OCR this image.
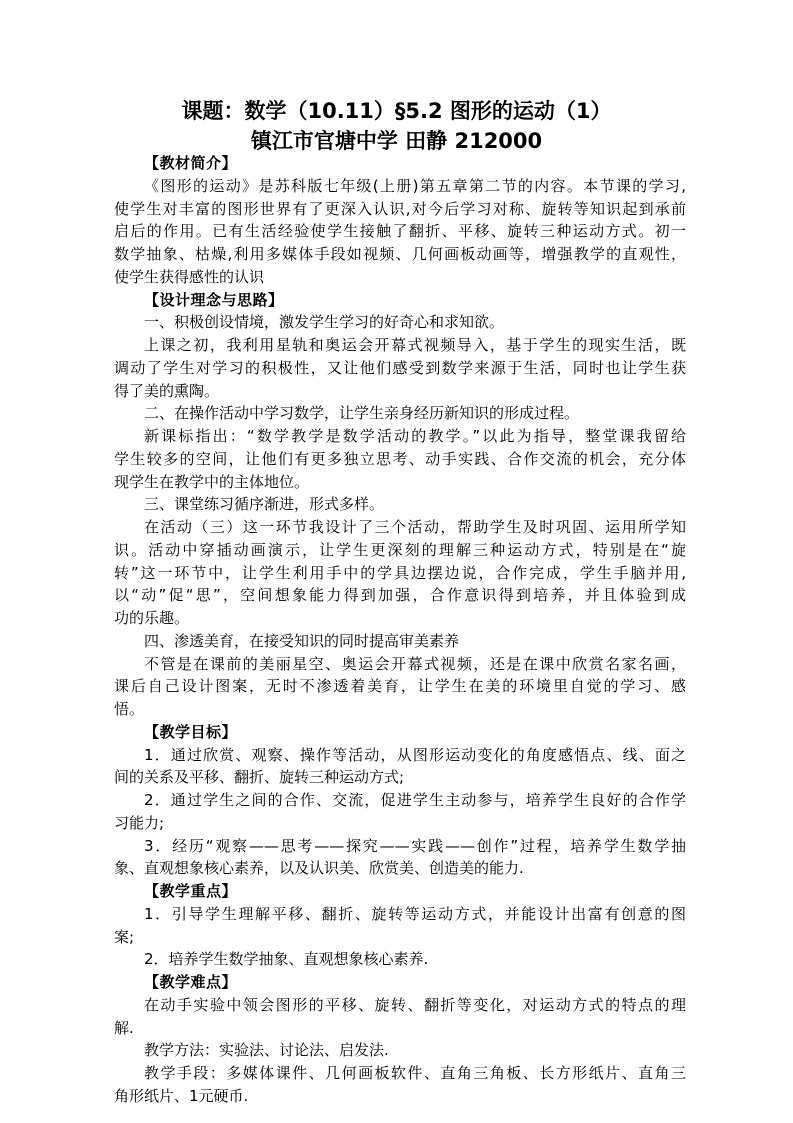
课题：数学（10.11）§5.2 图形的运动（1）
镇江市官塘中学 田静 212000
【教材简介】
《图形的运动》是苏科版七年级(上册)第五章第二节的内容。本节课的学习,
使学生对丰富的图形世界有了更深入认识,对今后学习对称、旋转等知识起到承前
启后的作用。已有生活经验使学生接触了翻折、平移、旋转三种运动方式。初一
数学抽象、枯燥,利用多媒体手段如视频、几何画板动画等，增强教学的直观性，
使学生获得感性的认识
【设计理念与思路】
一、积极创设情境，激发学生学习的好奇心和求知欲。
上课之初，我利用星轨和奥运会开幕式视频导入，基于学生的现实生活，既
调动了学生对学习的积极性，又让他们感受到数学来源于生活，同时也让学生获
得了美的熏陶。
二、在操作活动中学习数学，让学生亲身经历新知识的形成过程。
新课标指出：“数学教学是数学活动的教学。”以此为指导，整堂课我留给
学生较多的空间，让他们有更多独立思考、动手实践、合作交流的机会，充分体
现学生在教学中的主体地位。
三、课堂练习循序渐进，形式多样。
在活动（三）这一环节我设计了三个活动，帮助学生及时巩固、运用所学知
识。活动中穿插动画演示，让学生更深刻的理解三种运动方式，特别是在“旋
转”这一环节中，让学生利用手中的学具边摆边说，合作完成，学生手脑并用,
以“动”促“思”，空间想象能力得到加强，合作意识得到培养，并且体验到成
功的乐趣。
四、渗透美育，在接受知识的同时提高审美素养
不管是在课前的美丽星空、奥运会开幕式视频，还是在课中欣赏名家名画，
课后自己设计图案，无时不渗透着美育，让学生在美的环境里自觉的学习、感
悟。
【教学目标】
1．通过欣赏、观察、操作等活动，从图形运动变化的角度感悟点、线、面之
间的关系及平移、翻折、旋转三种运动方式;
2．通过学生之间的合作、交流，促进学生主动参与，培养学生良好的合作学
习能力;
3．经历“观察——思考——探究——实践——创作”过程，培养学生数学抽
象、直观想象核心素养，以及认识美、欣赏美、创造美的能力.
【教学重点】
1．引导学生理解平移、翻折、旋转等运动方式，并能设计出富有创意的图
案;
2．培养学生数学抽象、直观想象核心素养.
【教学难点】
在动手实验中领会图形的平移、旋转、翻折等变化，对运动方式的特点的理
解.
教学方法：实验法、讨论法、启发法.
教学手段：多媒体课件、几何画板软件、直角三角板、长方形纸片、直角三
角形纸片、1元硬币.
